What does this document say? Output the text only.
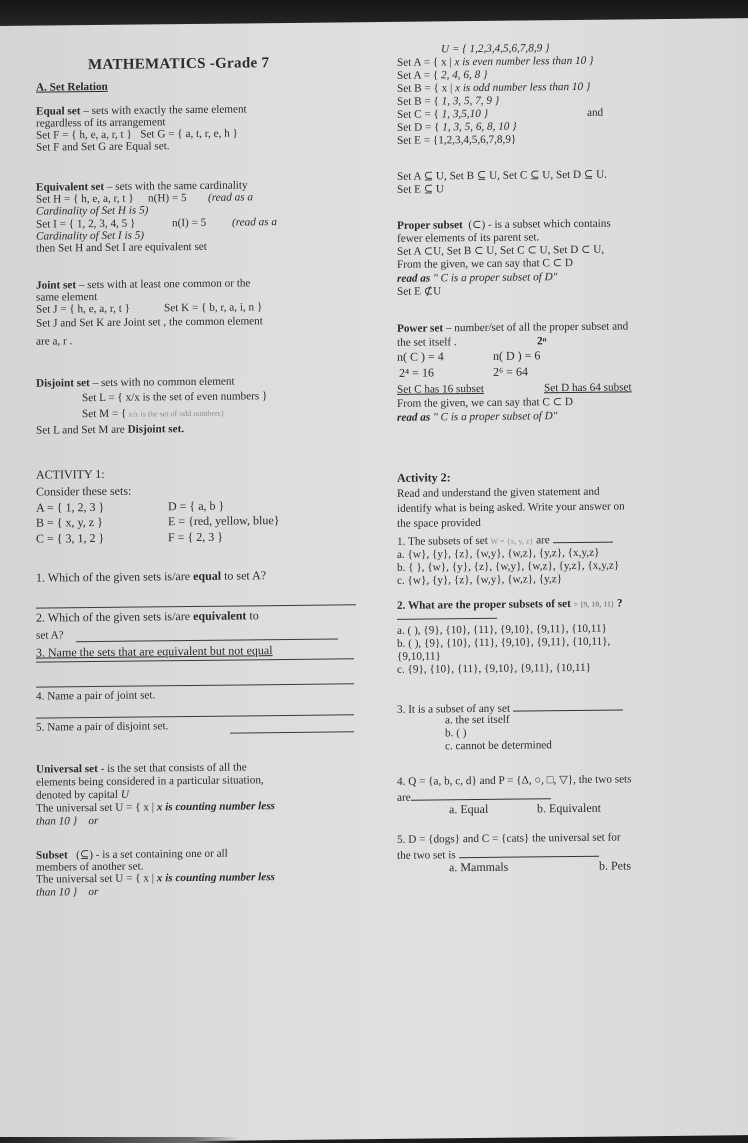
MATHEMATICS -Grade 7
A. Set Relation
Equal set – sets with exactly the same element
regardless of its arrangement
Set F = { h, e, a, r, t } Set G = { a, t, r, e, h }
Set F and Set G are Equal set.
Equivalent set – sets with the same cardinality
Set H = { h, e, a, r, t } n(H) = 5 (read as a
Cardinality of Set H is 5)
Set I = { 1, 2, 3, 4, 5 }	n(I) = 5 (read as a
Cardinality of Set I is 5)
then Set H and Set I are equivalent set
Joint set – sets with at least one common or the
same element
Set J = { h, e, a, r, t }	Set K = { b, r, a, i, n }
Set J and Set K are Joint set , the common element
are a, r .
Disjoint set – sets with no common element
Set L = { x/x is the set of even numbers }
Set M = { x/x is the set of odd numbers}
Set L and Set M are Disjoint set.
ACTIVITY 1:
Consider these sets:
A = { 1, 2, 3 }	D = { a, b }
B = { x, y, z }	E = {red, yellow, blue}
C = { 3, 1, 2 }	F = { 2, 3 }
1. Which of the given sets is/are equal to set A?
2. Which of the given sets is/are equivalent to
set A?
3. Name the sets that are equivalent but not equal
4. Name a pair of joint set.
5. Name a pair of disjoint set.
Universal set - is the set that consists of all the
elements being considered in a particular situation,
denoted by capital U
The universal set U = { x | x is counting number less
than 10 } or
Subset (⊆) - is a set containing one or all
members of another set.
The universal set U = { x | x is counting number less
than 10 } or
U = { 1,2,3,4,5,6,7,8,9 }
Set A = { x | x is even number less than 10 }
Set A = { 2, 4, 6, 8 }
Set B = { x | x is odd number less than 10 }
Set B = { 1, 3, 5, 7, 9 }
Set C = { 1, 3,5,10 }	and
Set D = { 1, 3, 5, 6, 8, 10 }
Set E = {1,2,3,4,5,6,7,8,9}
Set A ⊆ U, Set B ⊆ U, Set C ⊆ U, Set D ⊆ U.
Set E ⊆ U
Proper subset (⊂) - is a subset which contains
fewer elements of its parent set.
Set A ⊂U, Set B ⊂ U, Set C ⊂ U, Set D ⊂ U,
From the given, we can say that C ⊂ D
read as " C is a proper subset of D"
Set E ⊄U
Power set – number/set of all the proper subset and
the set itself .	2ⁿ
n( C ) = 4	n( D ) = 6
2⁴ = 16	2⁶ = 64
Set C has 16 subset	Set D has 64 subset
From the given, we can say that C ⊂ D
read as " C is a proper subset of D"
Activity 2:
Read and understand the given statement and
identify what is being asked. Write your answer on
the space provided
1. The subsets of set W = {x, y, z} are
a. {w}, {y}, {z}, {w,y}, {w,z}, {y,z}, {x,y,z}
b. { }, {w}, {y}, {z}, {w,y}, {w,z}, {y,z}, {x,y,z}
c. {w}, {y}, {z}, {w,y}, {w,z}, {y,z}
2. What are the proper subsets of set = {9, 10, 11} ?
a. ( ), {9}, {10}, {11}, {9,10}, {9,11}, {10,11}
b. ( ), {9}, {10}, {11}, {9,10}, {9,11}, {10,11},
{9,10,11}
c. {9}, {10}, {11}, {9,10}, {9,11}, {10,11}
3. It is a subset of any set
a. the set itself
b. ( )
c. cannot be determined
4. Q = {a, b, c, d} and P = {Δ, ○, □, ▽}, the two sets
are
a. Equal	b. Equivalent
5. D = {dogs} and C = {cats} the universal set for
the two set is
a. Mammals	b. Pets
